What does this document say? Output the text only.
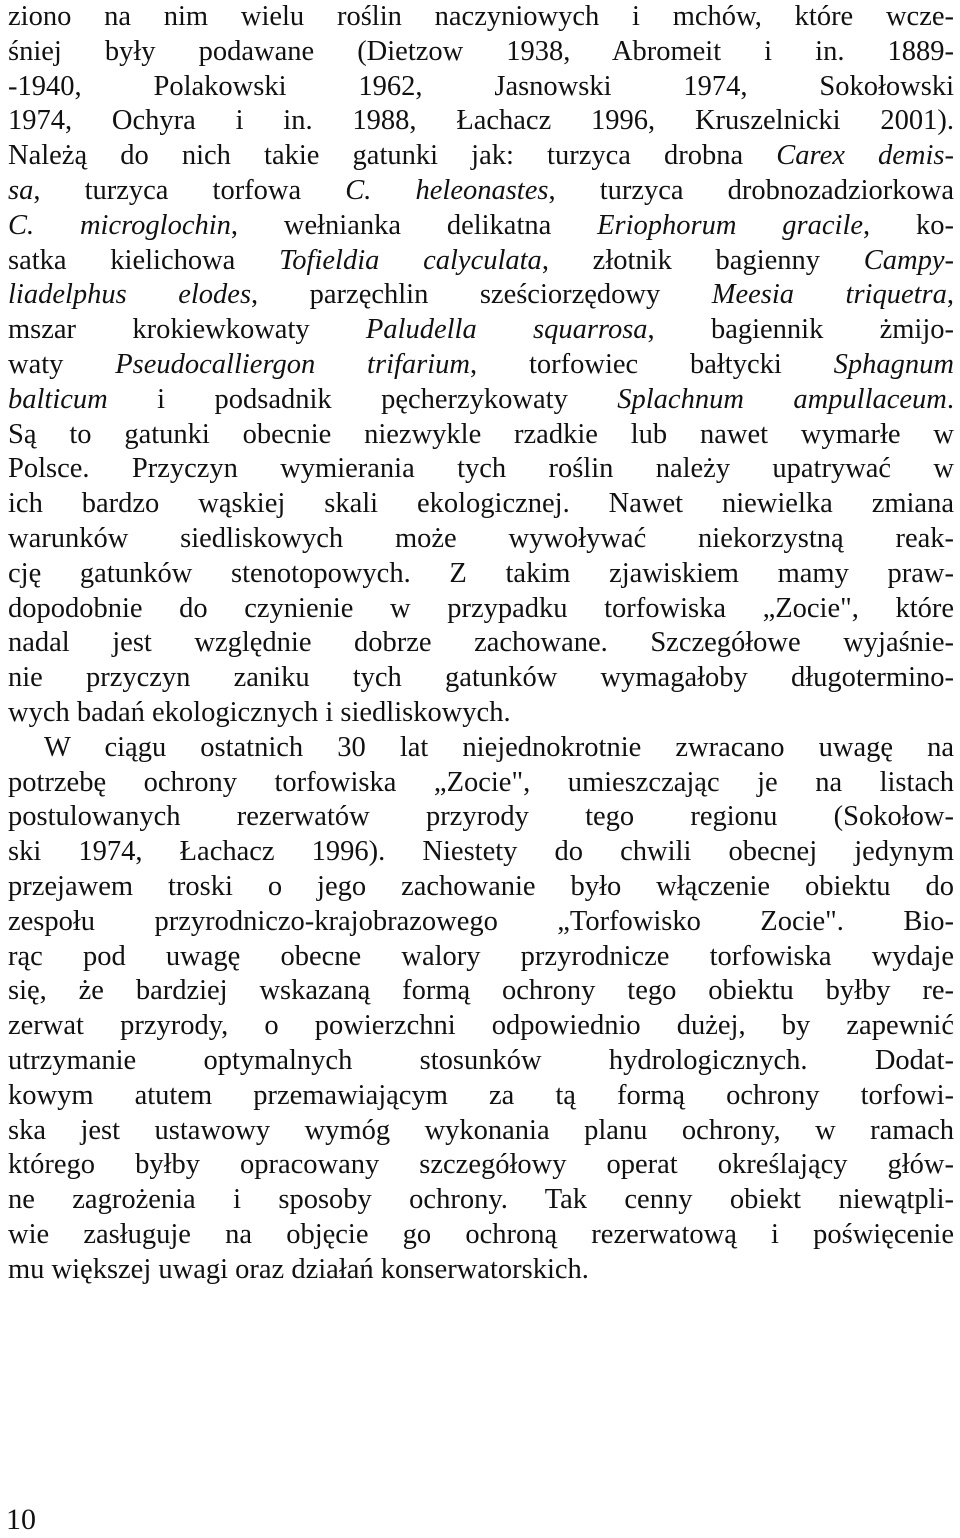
ziono na nim wielu roślin naczyniowych i mchów, które wcze-
śniej były podawane (Dietzow 1938, Abromeit i in. 1889-
-1940, Polakowski 1962, Jasnowski 1974, Sokołowski
1974, Ochyra i in. 1988, Łachacz 1996, Kruszelnicki 2001).
Należą do nich takie gatunki jak: turzyca drobna Carex demis-
sa, turzyca torfowa C. heleonastes, turzyca drobnozadziorkowa
C. microglochin, wełnianka delikatna Eriophorum gracile, ko-
satka kielichowa Tofieldia calyculata, złotnik bagienny Campy-
liadelphus elodes, parzęchlin sześciorzędowy Meesia triquetra,
mszar krokiewkowaty Paludella squarrosa, bagiennik żmijo-
waty Pseudocalliergon trifarium, torfowiec bałtycki Sphagnum
balticum i podsadnik pęcherzykowaty Splachnum ampullaceum.
Są to gatunki obecnie niezwykle rzadkie lub nawet wymarłe w
Polsce. Przyczyn wymierania tych roślin należy upatrywać w
ich bardzo wąskiej skali ekologicznej. Nawet niewielka zmiana
warunków siedliskowych może wywoływać niekorzystną reak-
cję gatunków stenotopowych. Z takim zjawiskiem mamy praw-
dopodobnie do czynienie w przypadku torfowiska „Zocie", które
nadal jest względnie dobrze zachowane. Szczegółowe wyjaśnie-
nie przyczyn zaniku tych gatunków wymagałoby długotermino-
wych badań ekologicznych i siedliskowych.
W ciągu ostatnich 30 lat niejednokrotnie zwracano uwagę na
potrzebę ochrony torfowiska „Zocie", umieszczając je na listach
postulowanych rezerwatów przyrody tego regionu (Sokołow-
ski 1974, Łachacz 1996). Niestety do chwili obecnej jedynym
przejawem troski o jego zachowanie było włączenie obiektu do
zespołu przyrodniczo-krajobrazowego „Torfowisko Zocie". Bio-
rąc pod uwagę obecne walory przyrodnicze torfowiska wydaje
się, że bardziej wskazaną formą ochrony tego obiektu byłby re-
zerwat przyrody, o powierzchni odpowiednio dużej, by zapewnić
utrzymanie optymalnych stosunków hydrologicznych. Dodat-
kowym atutem przemawiającym za tą formą ochrony torfowi-
ska jest ustawowy wymóg wykonania planu ochrony, w ramach
którego byłby opracowany szczegółowy operat określający głów-
ne zagrożenia i sposoby ochrony. Tak cenny obiekt niewątpli-
wie zasługuje na objęcie go ochroną rezerwatową i poświęcenie
mu większej uwagi oraz działań konserwatorskich.
10
